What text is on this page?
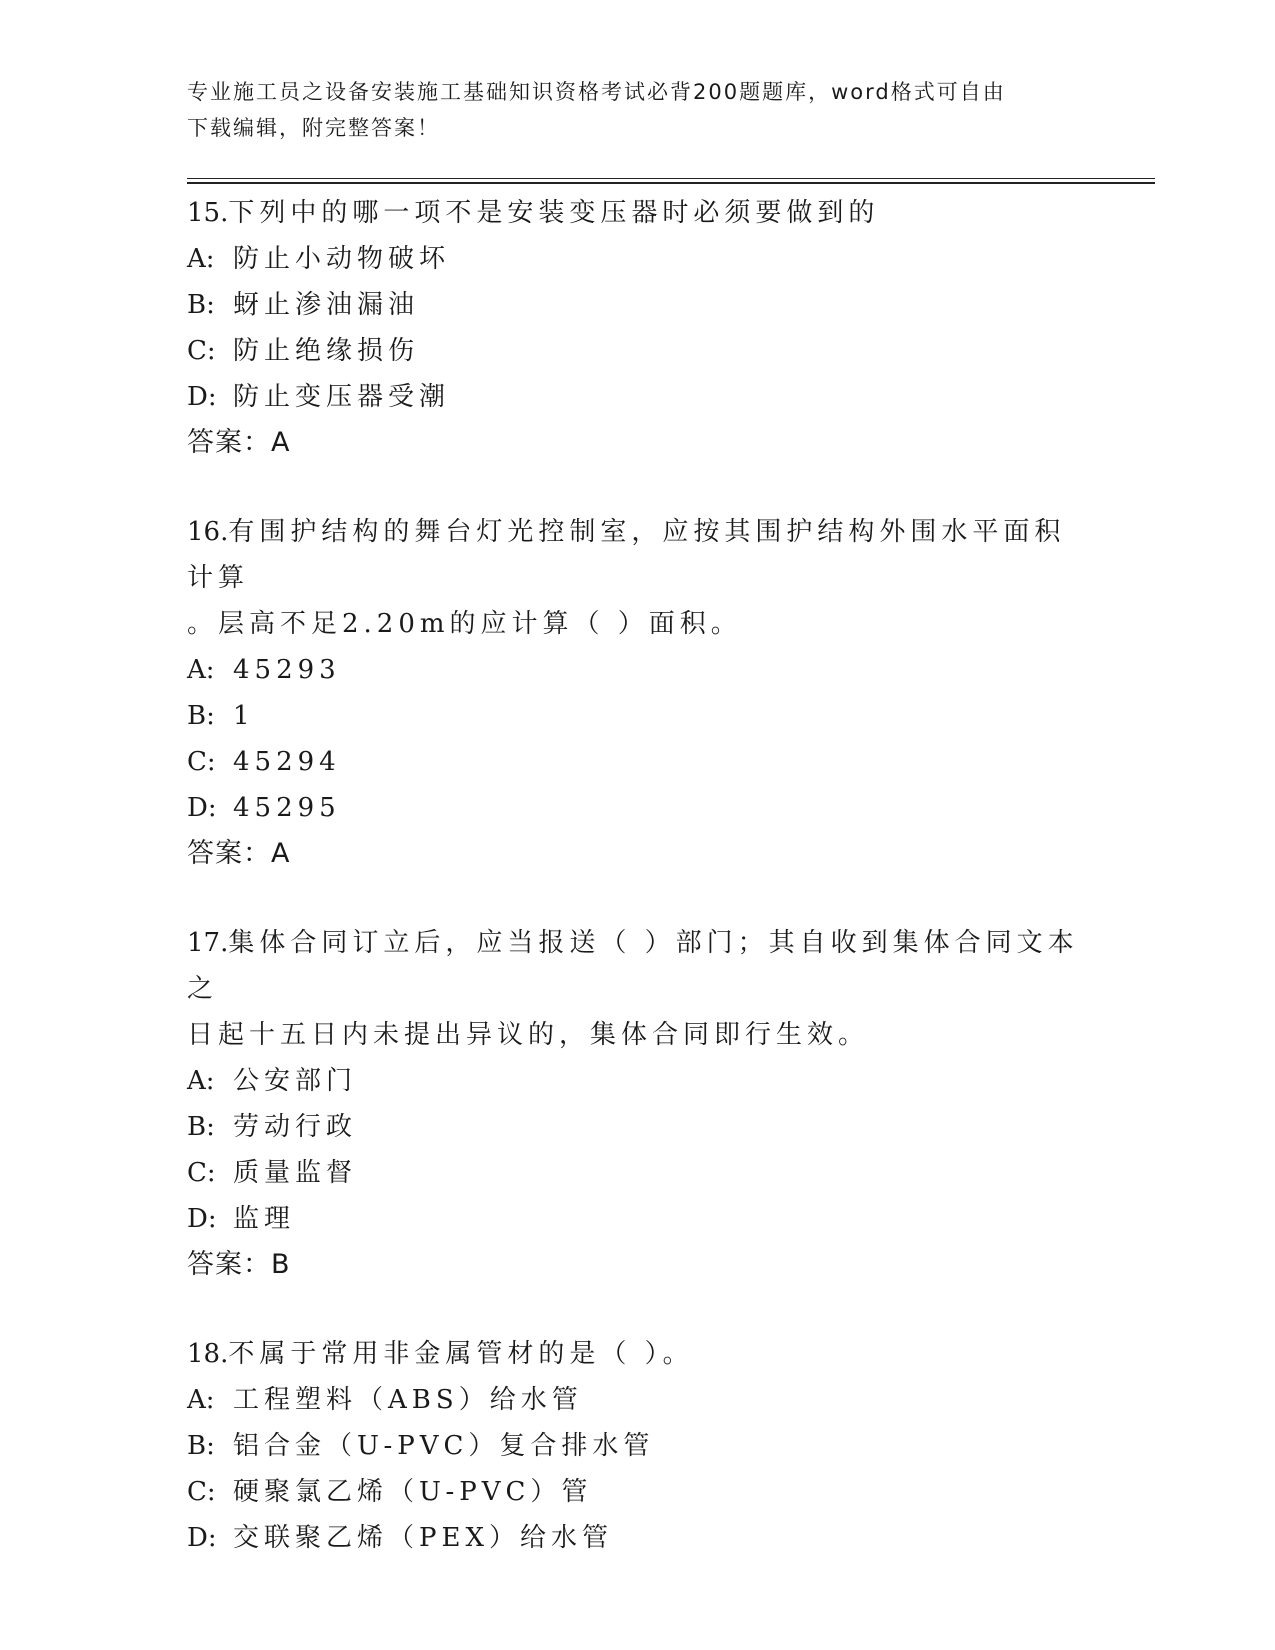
专业施工员之设备安装施工基础知识资格考试必背200题题库，word格式可自由
下载编辑，附完整答案！
15.下列中的哪一项不是安装变压器时必须要做到的
A: 防止小动物破坏
B: 蚜止渗油漏油
C: 防止绝缘损伤
D: 防止变压器受潮
答案：A
16.有围护结构的舞台灯光控制室，应按其围护结构外围水平面积计算
。层高不足2.20m的应计算（ ）面积。
A: 45293
B: 1
C: 45294
D: 45295
答案：A
17.集体合同订立后，应当报送（ ）部门；其自收到集体合同文本之
日起十五日内未提出异议的，集体合同即行生效。
A: 公安部门
B: 劳动行政
C: 质量监督
D: 监理
答案：B
18.不属于常用非金属管材的是（ ）。
A: 工程塑料（ABS）给水管
B: 铝合金（U-PVC）复合排水管
C: 硬聚氯乙烯（U-PVC）管
D: 交联聚乙烯（PEX）给水管
